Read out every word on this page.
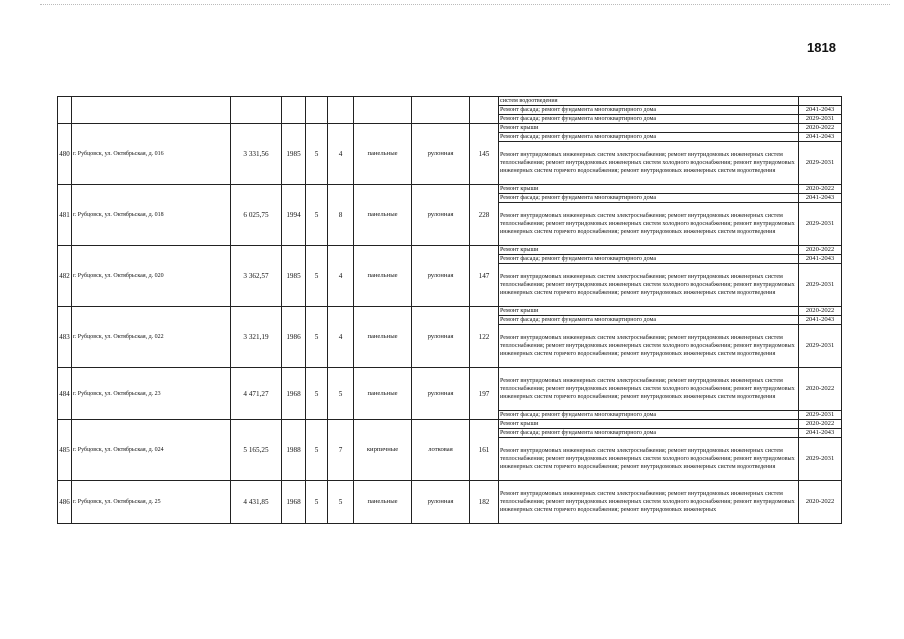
1818
									систем водоотведения	
									Ремонт фасада; ремонт фундамента многоквартирного дома	2041-2043
									Ремонт фасада; ремонт фундамента многоквартирного дома	2029-2031
480	г. Рубцовск, ул. Октябрьская, д. 016	3 331,56	1985	5	4	панельные	рулонная	145	Ремонт крыши	2020-2022
									Ремонт фасада; ремонт фундамента многоквартирного дома	2041-2043
									Ремонт внутридомовых инженерных систем электроснабжения; ремонт внутридомовых инженерных систем теплоснабжения; ремонт внутридомовых инженерных систем холодного водоснабжения; ремонт внутридомовых инженерных систем горячего водоснабжения; ремонт внутридомовых инженерных систем водоотведения	2029-2031
481	г. Рубцовск, ул. Октябрьская, д. 018	6 025,75	1994	5	8	панельные	рулонная	228	Ремонт крыши	2020-2022
									Ремонт фасада; ремонт фундамента многоквартирного дома	2041-2043
									Ремонт внутридомовых инженерных систем электроснабжения; ремонт внутридомовых инженерных систем теплоснабжения; ремонт внутридомовых инженерных систем холодного водоснабжения; ремонт внутридомовых инженерных систем горячего водоснабжения; ремонт внутридомовых инженерных систем водоотведения	2029-2031
482	г. Рубцовск, ул. Октябрьская, д. 020	3 362,57	1985	5	4	панельные	рулонная	147	Ремонт крыши	2020-2022
									Ремонт фасада; ремонт фундамента многоквартирного дома	2041-2043
									Ремонт внутридомовых инженерных систем электроснабжения; ремонт внутридомовых инженерных систем теплоснабжения; ремонт внутридомовых инженерных систем холодного водоснабжения; ремонт внутридомовых инженерных систем горячего водоснабжения; ремонт внутридомовых инженерных систем водоотведения	2029-2031
483	г. Рубцовск, ул. Октябрьская, д. 022	3 321,19	1986	5	4	панельные	рулонная	122	Ремонт крыши	2020-2022
									Ремонт фасада; ремонт фундамента многоквартирного дома	2041-2043
									Ремонт внутридомовых инженерных систем электроснабжения; ремонт внутридомовых инженерных систем теплоснабжения; ремонт внутридомовых инженерных систем холодного водоснабжения; ремонт внутридомовых инженерных систем горячего водоснабжения; ремонт внутридомовых инженерных систем водоотведения	2029-2031
484	г. Рубцовск, ул. Октябрьская, д. 23	4 471,27	1968	5	5	панельные	рулонная	197	Ремонт внутридомовых инженерных систем электроснабжения; ремонт внутридомовых инженерных систем теплоснабжения; ремонт внутридомовых инженерных систем холодного водоснабжения; ремонт внутридомовых инженерных систем горячего водоснабжения; ремонт внутридомовых инженерных систем водоотведения	2020-2022
									Ремонт фасада; ремонт фундамента многоквартирного дома	2029-2031
485	г. Рубцовск, ул. Октябрьская, д. 024	5 165,25	1988	5	7	кирпичные	лотковая	161	Ремонт крыши	2020-2022
									Ремонт фасада; ремонт фундамента многоквартирного дома	2041-2043
									Ремонт внутридомовых инженерных систем электроснабжения; ремонт внутридомовых инженерных систем теплоснабжения; ремонт внутридомовых инженерных систем холодного водоснабжения; ремонт внутридомовых инженерных систем горячего водоснабжения; ремонт внутридомовых инженерных систем водоотведения	2029-2031
486	г. Рубцовск, ул. Октябрьская, д. 25	4 431,85	1968	5	5	панельные	рулонная	182	Ремонт внутридомовых инженерных систем электроснабжения; ремонт внутридомовых инженерных систем теплоснабжения; ремонт внутридомовых инженерных систем холодного водоснабжения; ремонт внутридомовых инженерных систем горячего водоснабжения; ремонт внутридомовых инженерных	2020-2022
